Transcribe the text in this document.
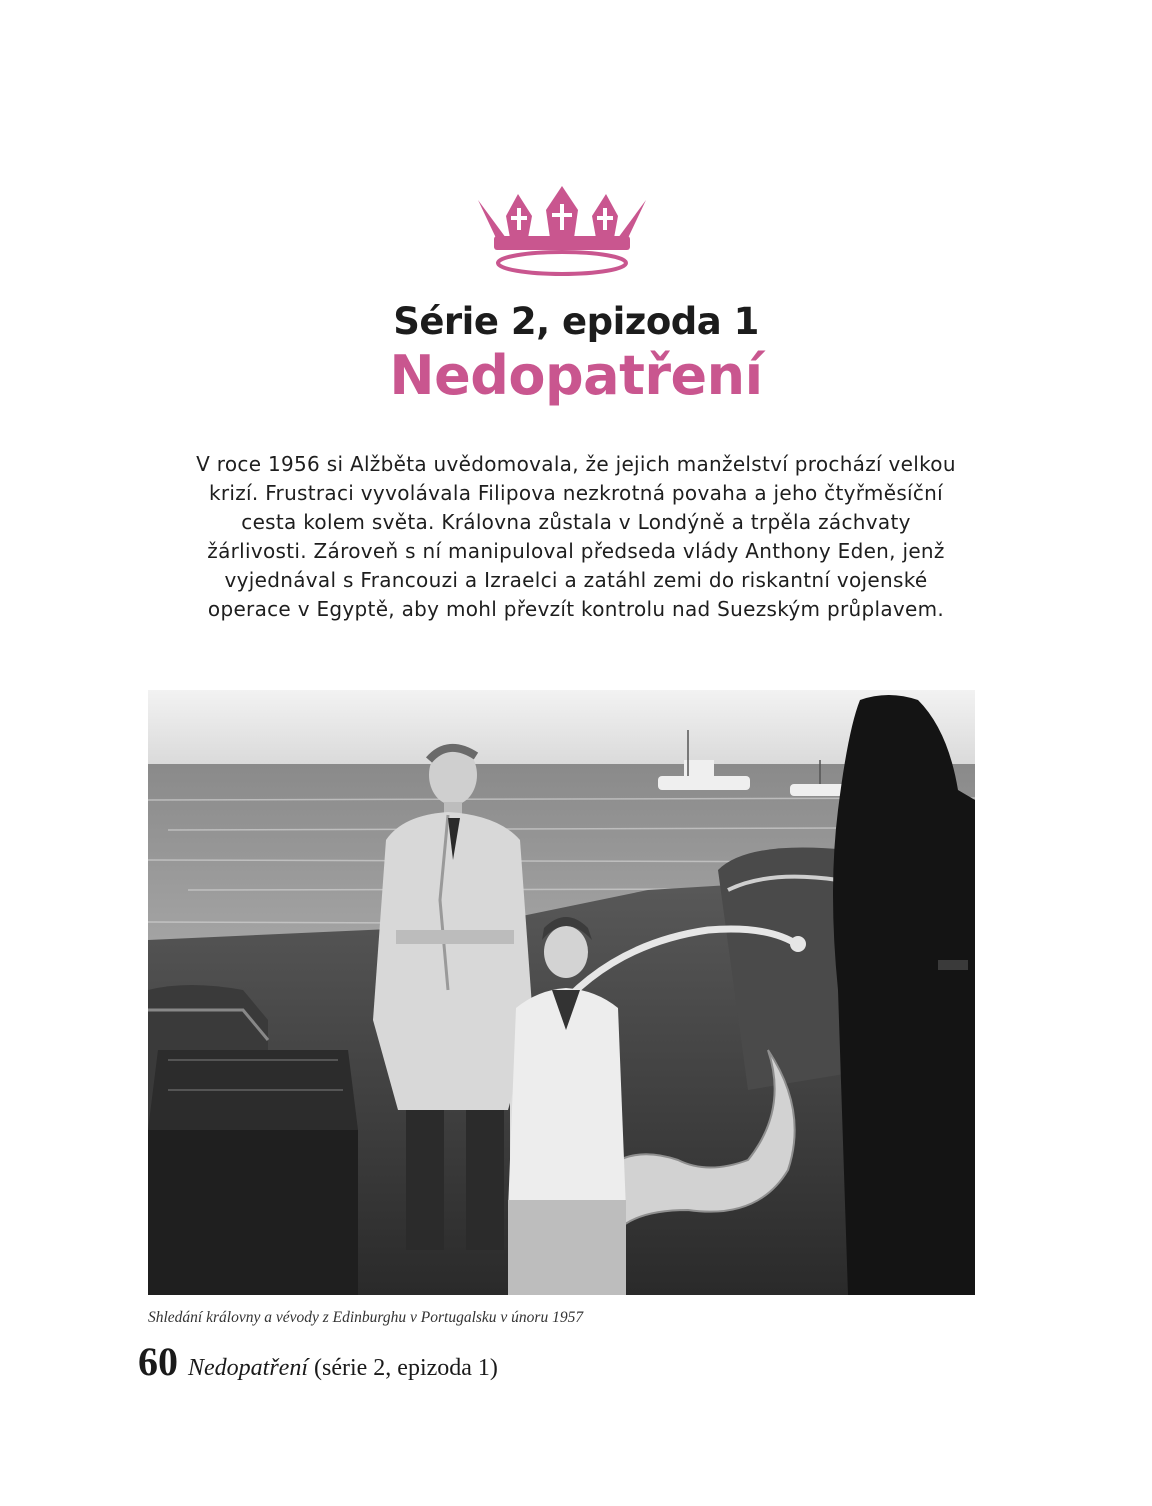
Série 2, epizoda 1
Nedopatření

V roce 1956 si Alžběta uvědomovala, že jejich manželství prochází velkou
krizí. Frustraci vyvolávala Filipova nezkrotná povaha a jeho čtyřměsíční
cesta kolem světa. Královna zůstala v Londýně a trpěla záchvaty
žárlivosti. Zároveň s ní manipuloval předseda vlády Anthony Eden, jenž
vyjednával s Francouzi a Izraelci a zatáhl zemi do riskantní vojenské
operace v Egyptě, aby mohl převzít kontrolu nad Suezským průplavem.

Shledání královny a vévody z Edinburghu v Portugalsku v únoru 1957
60 Nedopatření (série 2, epizoda 1)
